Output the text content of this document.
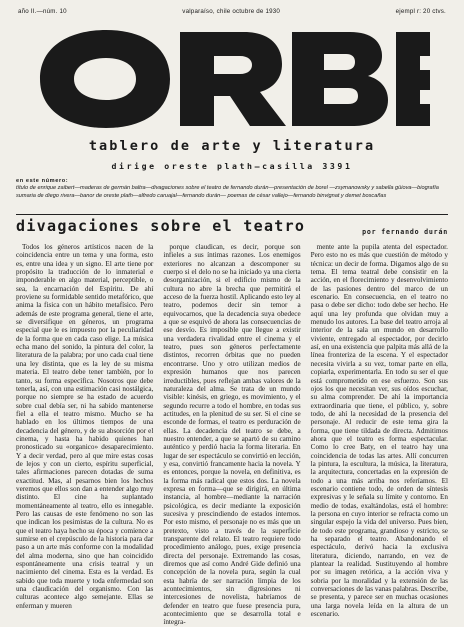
año II.—núm. 10	valparaíso, chile octubre de 1930	ejempl r: 20 ctvs.
tablero de arte y literatura
dirige oreste plath—casilla 3391
en este número:
título de enrique zaibert—maderas de germán baltra—divagaciones sobre el teatro de fernando durán—presentación de borel —zsymanowsky y sabella güiova—biografía sumaria de diego rivera—banor de oreste plath—alfredo caruajal—fernando durán— poemas de césar vallejo—fernando binvignat y demet boscañas
divagaciones sobre el teatro	por fernando durán

Todos los géneros artísticos nacen de la coincidencia entre un tema y una forma, esto es, entre una idea y un signo. El arte tiene por propósito la traducción de lo inmaterial e imponderable en algo material, perceptible, o sea, la encarnación del Espíritu. De ahí proviene su formidable sentido metafórico, que anima la fisica con un hábito metafísico. Pero además de este programa general, tiene el arte, se diversifique en géneros, un programa especial que le es impuesto por la peculiaridad de la forma que en cada caso elige. La música echa mano del sonido, la pintura del color, la literatura de la palabra; por uno cada cual tiene una ley distinta, que es la ley de su misma materia. El teatro debe tener también, por lo tanto, su forma específica. Nosotros que debe tenerla, así, con una estimación casi nostálgica, porque no siempre se ha estado de acuerdo sobre cual debía ser, ni ha sabido mantenerse fiel a ella el teatro mismo. Mucho se ha hablado en los últimos tiempos de una decadencia del género, y de su absorción por el cinema, y hasta ha habido quienes han pronosticado su «organico» desaparecimiento. Y a decir verdad, pero al que mire estas cosas de lejos y con un cierto, espíritu superficial, tales afirmaciones parecen dotadas de suma exactitud. Mas, al pesarnos bien los hechos veremos que ellos son dan a entender algo muy distinto. El cine ha suplantado momentáneamente al teatro, ello es innegable. Pero las causas de este fenómeno no son las que indican los pesimistas de la cultura. No es que el teatro haya hecho su época y comience a sumirse en el crepúsculo de la historia para dar paso a un arte más conforme con la modalidad del alma moderna, sino que han coincidido espontáneamente una crisis teatral y un nacimiento del cinema. Esta es la verdad. Es sabido que toda muerte y toda enfermedad son una claudicación del organismo. Con las culturas acontece algo semejante. Ellas se enferman y mueren

porque claudican, es decir, porque son infieles a sus íntimas razones. Los enemigos exteriores no alcanzan a descomponer su cuerpo si el delo no se ha iniciado ya una cierta desorganización, si el edificio mismo de la cultura no abre la brecha que permitirá el acceso de la fuerza hostil. Aplicando esto ley al teatro, podemos decir sin temor a equivocarnos, que la decadencia suya obedece a que se esquivó de ahora las consecuencias de ese desvío. Es imposible que llegue a existir una verdadera rivalidad entre el cinema y el teatro, pues son géneros perfectamente distintos, recorren órbitas que no pueden encontrarse. Uno y otro utilizan medios de expresión humanos que nos parecen irreductibles, pues reflejan ambas valores de la naturaleza del alma. Se trata de un mundo visible: kinésis, en griego, es movimiento, y el segundo recurre a todo el hombre, en todas sus actitudes, en la plenitud de su ser. Si el cine se esconde de formas, el teatro es perduración de ellas. La decadencia del teatro se debe, a nuestro entender, a que se apartó de su camino auténtico y perdió hacia la forma literaria. En lugar de ser espectáculo se convirtió en lección, y esa, convirtió francamente hacia la novela. Y es entonces, porque la novela, en definitiva, es la forma más radical que estos dos. La novela expresa en forma—que se dirigirá, en última instancia, al hombre—mediante la narración psicológica, es decir mediante la exposición sucesiva y prescindiendo de estados internos. Por esto mismo, el personaje no es más que un pretexto, visto a través de la superficie transparente del relato. El teatro requiere todo procedimiento análogo, pues, exige presencia directa del personaje. Extremando las cosas, diremos que así como André Gide definió una concepción de la novela pura, según la cual esta habría de ser narración limpia de los acontecimientos, sin digresiones ni intercesiones de novelista, habríamos de defender en teatro que fuese presencia pura, acontecimiento que se desarrolla total e íntegra-

mente ante la pupila atenta del espectador. Pero esto no es más que cuestión de método y técnica: un decir de forma. Digamos algo de su tema. El tema teatral debe consistir en la acción, en el florecimiento y desenvolvimiento de las pasiones dentro del marco de un escenario. En consecuencia, en el teatro no pasa o debe ser dicho: todo debe ser hecho. He aquí una ley profunda que olvidan muy a menudo los autores. La base del teatro arroja al interior de la sala un mundo en desarrollo viviente, entregado al espectador, por decirlo así, en una existencia que palpita más allá de la línea fronteriza de la escena. Y el espectador necesita vivirla a su vez, tomar parte en ella, copiarla, experimentarla. En todo su ser el que está comprometido en ese esfuerzo. Son sus ojos los que necesitan ver, sus oídos escuchar, su alma comprender. De ahí la importancia extraordinaria que tiene, el público, y, sobre todo, de ahí la necesidad de la presencia del personaje. Al reducir de este tema gira la forma, que tiene tildada de directa. Admitimos ahora que el teatro es forma espectacular. Como lo cree Baty, en el teatro hay una coincidencia de todas las artes. Allí concurren la pintura, la escultura, la música, la literatura, la arquitectura, concertadas en la expresión de todo a una más arriba nos referíamos. El escenario contiene todo, de orden de síntesis expresivas y le señala su límite y contorno. En medio de todas, exaltándolas, está el hombre: la persona en cuyo interior se refracta como un singular espejo la vida del universo. Pues bien, de todo este programa, grandioso y estricto, se ha separado el teatro. Abandonando el espectáculo, derivó hacia la exclusiva literatura, diciendo, narrando, en vez de plantear la realidad. Sustituyendo al hombre por su imagen retórica, a la acción viva y sobria por la moralidad y la extensión de las conversaciones de las vanas palabras. Describe, se presenta, y parece ser en muchas ocasiones una larga novela leída en la altura de un escenario.
